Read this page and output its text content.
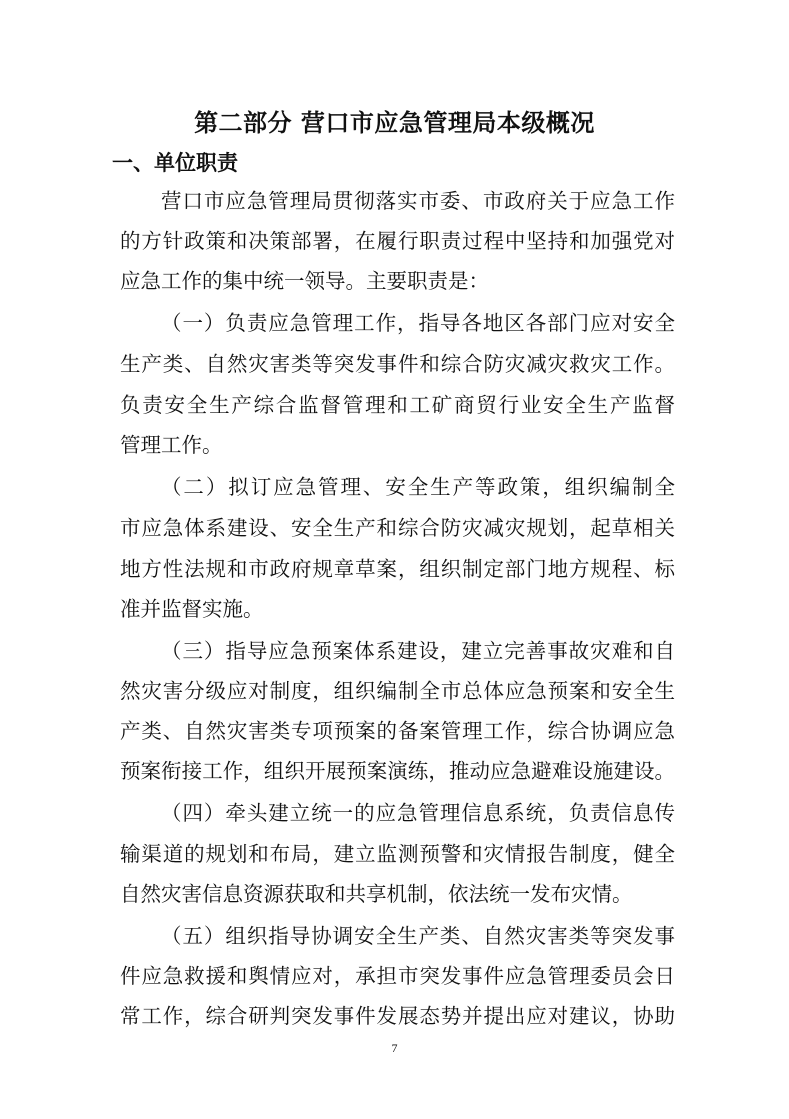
第二部分 营口市应急管理局本级概况
一、单位职责
营口市应急管理局贯彻落实市委、市政府关于应急工作
的方针政策和决策部署，在履行职责过程中坚持和加强党对
应急工作的集中统一领导。主要职责是：
（一）负责应急管理工作，指导各地区各部门应对安全
生产类、自然灾害类等突发事件和综合防灾减灾救灾工作。
负责安全生产综合监督管理和工矿商贸行业安全生产监督
管理工作。
（二）拟订应急管理、安全生产等政策，组织编制全
市应急体系建设、安全生产和综合防灾减灾规划，起草相关
地方性法规和市政府规章草案，组织制定部门地方规程、标
准并监督实施。
（三）指导应急预案体系建设，建立完善事故灾难和自
然灾害分级应对制度，组织编制全市总体应急预案和安全生
产类、自然灾害类专项预案的备案管理工作，综合协调应急
预案衔接工作，组织开展预案演练，推动应急避难设施建设。
（四）牵头建立统一的应急管理信息系统，负责信息传
输渠道的规划和布局，建立监测预警和灾情报告制度，健全
自然灾害信息资源获取和共享机制，依法统一发布灾情。
（五）组织指导协调安全生产类、自然灾害类等突发事
件应急救援和舆情应对，承担市突发事件应急管理委员会日
常工作，综合研判突发事件发展态势并提出应对建议，协助
7
